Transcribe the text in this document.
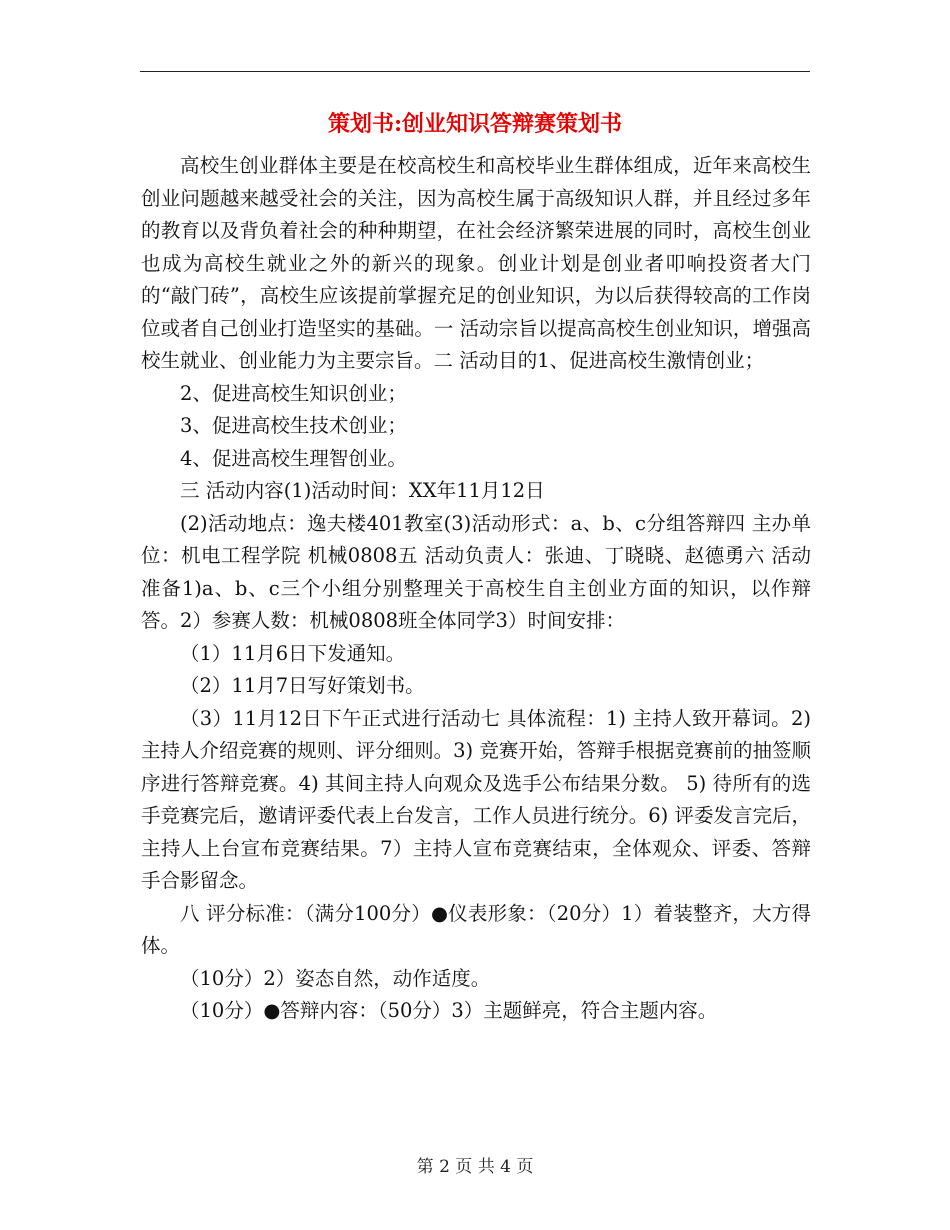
策划书:创业知识答辩赛策划书

高校生创业群体主要是在校高校生和高校毕业生群体组成，近年来高校生创业问题越来越受社会的关注，因为高校生属于高级知识人群，并且经过多年的教育以及背负着社会的种种期望，在社会经济繁荣进展的同时，高校生创业也成为高校生就业之外的新兴的现象。创业计划是创业者叩响投资者大门的“敲门砖”，高校生应该提前掌握充足的创业知识，为以后获得较高的工作岗位或者自己创业打造坚实的基础。一 活动宗旨以提高高校生创业知识，增强高校生就业、创业能力为主要宗旨。二 活动目的1、促进高校生激情创业；

2、促进高校生知识创业；

3、促进高校生技术创业；

4、促进高校生理智创业。

三 活动内容(1)活动时间：XX年11月12日

(2)活动地点：逸夫楼401教室(3)活动形式：a、b、c分组答辩四 主办单位：机电工程学院 机械0808五 活动负责人：张迪、丁晓晓、赵德勇六 活动准备1)a、b、c三个小组分别整理关于高校生自主创业方面的知识，以作辩答。2）参赛人数：机械0808班全体同学3）时间安排：

（1）11月6日下发通知。

（2）11月7日写好策划书。

（3）11月12日下午正式进行活动七 具体流程：1) 主持人致开幕词。2) 主持人介绍竞赛的规则、评分细则。3) 竞赛开始，答辩手根据竞赛前的抽签顺序进行答辩竞赛。4) 其间主持人向观众及选手公布结果分数。 5) 待所有的选手竞赛完后，邀请评委代表上台发言，工作人员进行统分。6) 评委发言完后，主持人上台宣布竞赛结果。7）主持人宣布竞赛结束，全体观众、评委、答辩手合影留念。

八 评分标准：（满分100分）●仪表形象：（20分）1）着装整齐，大方得体。

（10分）2）姿态自然，动作适度。

（10分）●答辩内容：（50分）3）主题鲜亮，符合主题内容。

第 2 页 共 4 页
